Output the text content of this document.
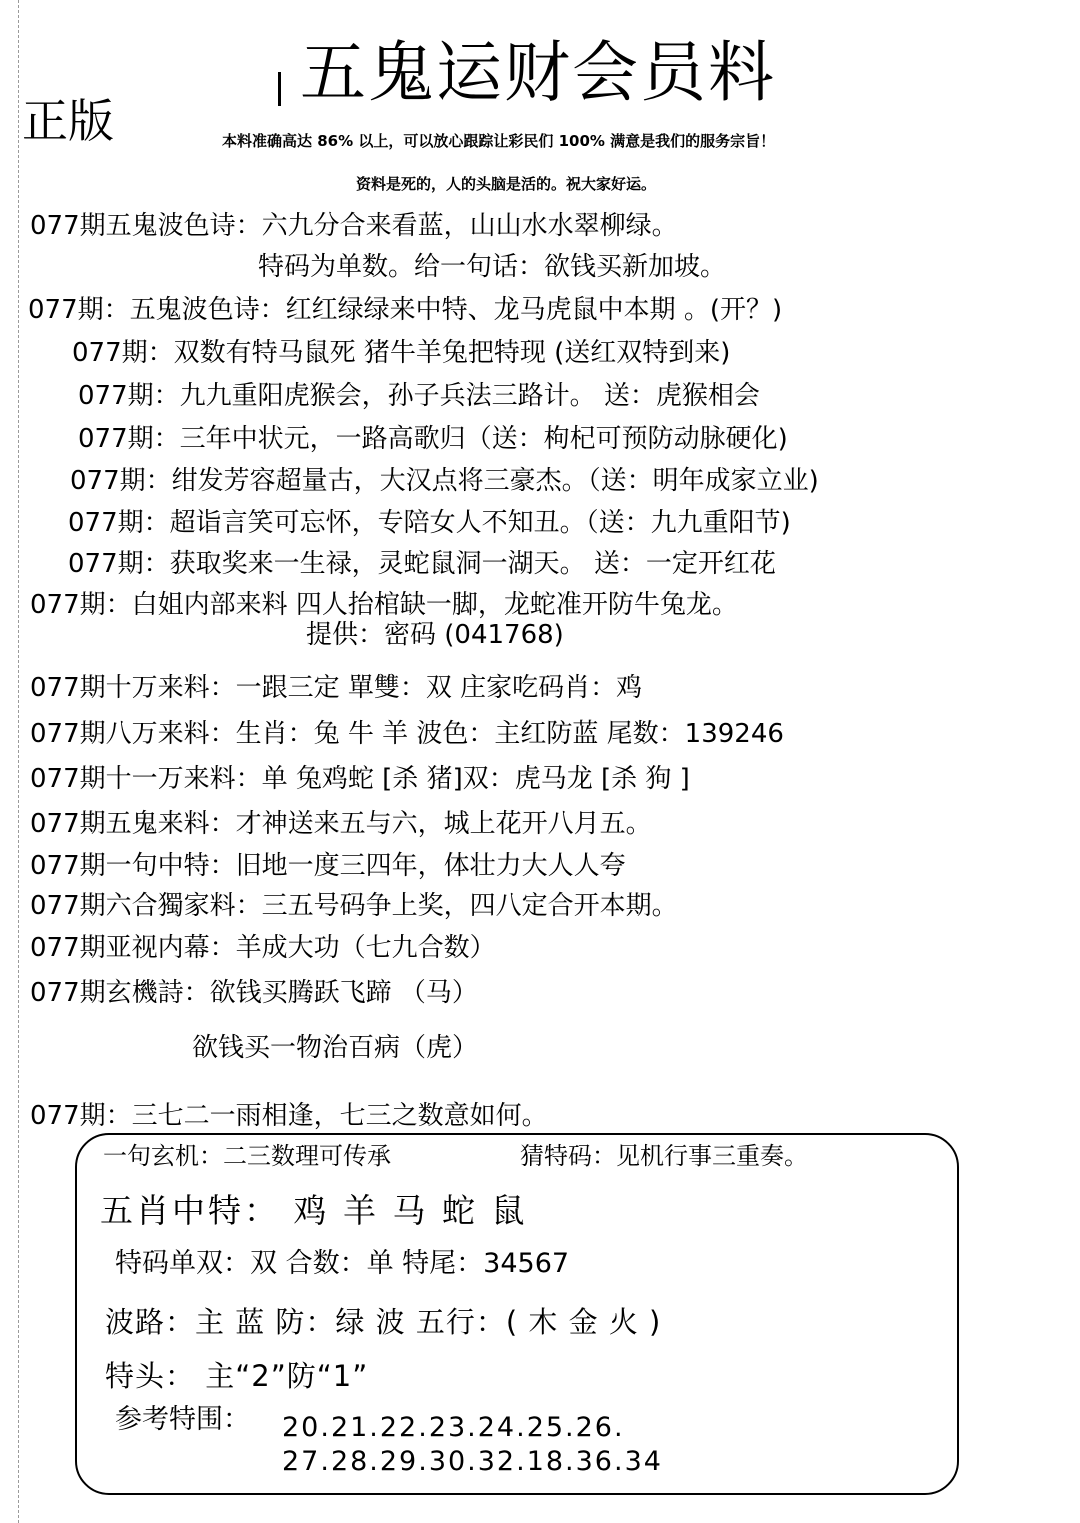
五鬼运财会员料
正版	本料准确高达 86% 以上，可以放心跟踪让彩民们 100% 满意是我们的服务宗旨！
资料是死的，人的头脑是活的。祝大家好运。
077期五鬼波色诗：六九分合来看蓝，山山水水翠柳绿。
特码为单数。给一句话：欲钱买新加坡。
077期：五鬼波色诗：红红绿绿来中特、龙马虎鼠中本期 。(开？)
077期：双数有特马鼠死 猪牛羊兔把特现 (送红双特到来)
077期：九九重阳虎猴会，孙子兵法三路计。 送：虎猴相会
077期：三年中状元，一路高歌归（送：枸杞可预防动脉硬化)
077期：绀发芳容超量古，大汉点将三豪杰。（送：明年成家立业)
077期：超诣言笑可忘怀，专陪女人不知丑。（送：九九重阳节)
077期：获取奖来一生禄，灵蛇鼠洞一湖天。 送：一定开红花
077期：白姐内部来料 四人抬棺缺一脚，龙蛇准开防牛兔龙。
提供：密码 (041768)
077期十万来料：一跟三定 單雙：双 庄家吃码肖：鸡
077期八万来料：生肖：兔 牛 羊 波色：主红防蓝 尾数：139246
077期十一万来料：单 兔鸡蛇 [杀 猪]双：虎马龙 [杀 狗 ]
077期五鬼来料：才神送来五与六，城上花开八月五。
077期一句中特：旧地一度三四年，体壮力大人人夸
077期六合獨家料：三五号码争上奖，四八定合开本期。
077期亚视内幕：羊成大功（七九合数）
077期玄機詩：欲钱买腾跃飞蹄 （马）
欲钱买一物治百病（虎）
077期：三七二一雨相逢，七三之数意如何。
一句玄机：二三数理可传承	猜特码：见机行事三重奏。
五肖中特： 鸡 羊 马 蛇 鼠
特码单双：双 合数：单 特尾：34567
波路：主 蓝 防：绿 波 五行：( 木 金 火 )
特头： 主“2”防“1”
参考特围： 20.21.22.23.24.25.26.
27.28.29.30.32.18.36.34
